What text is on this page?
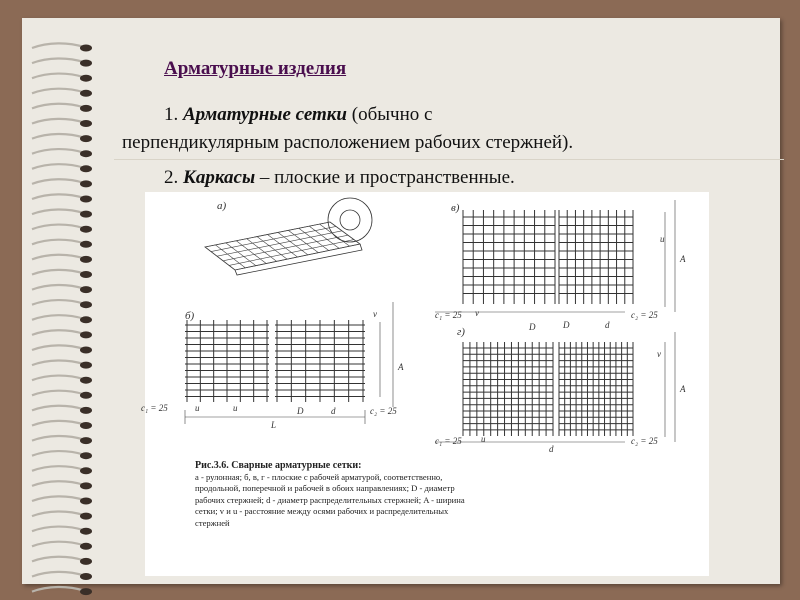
Арматурные изделия
1. Арматурные сетки (обычно с
перпендикулярным расположением рабочих стержней).
2. Каркасы – плоские и пространственные.
c₁ = 25	c₂ = 25
u	u
L
A
v
D	d
c₁ = 25	c₂ = 25
A
D	d
v
u
c₁ = 25	c₂ = 25
A
D
d
u
v
а)
б)
в)
г)
Рис.3.6. Сварные арматурные сетки:
а - рулонная; б, в, г - плоские с рабочей арматурой, соответственно, продольной, поперечной и рабочей в обоих направлениях; D - диаметр рабочих стержней; d - диаметр распределительных стержней; A - ширина сетки; v и u - расстояние между осями рабочих и распределительных стержней
